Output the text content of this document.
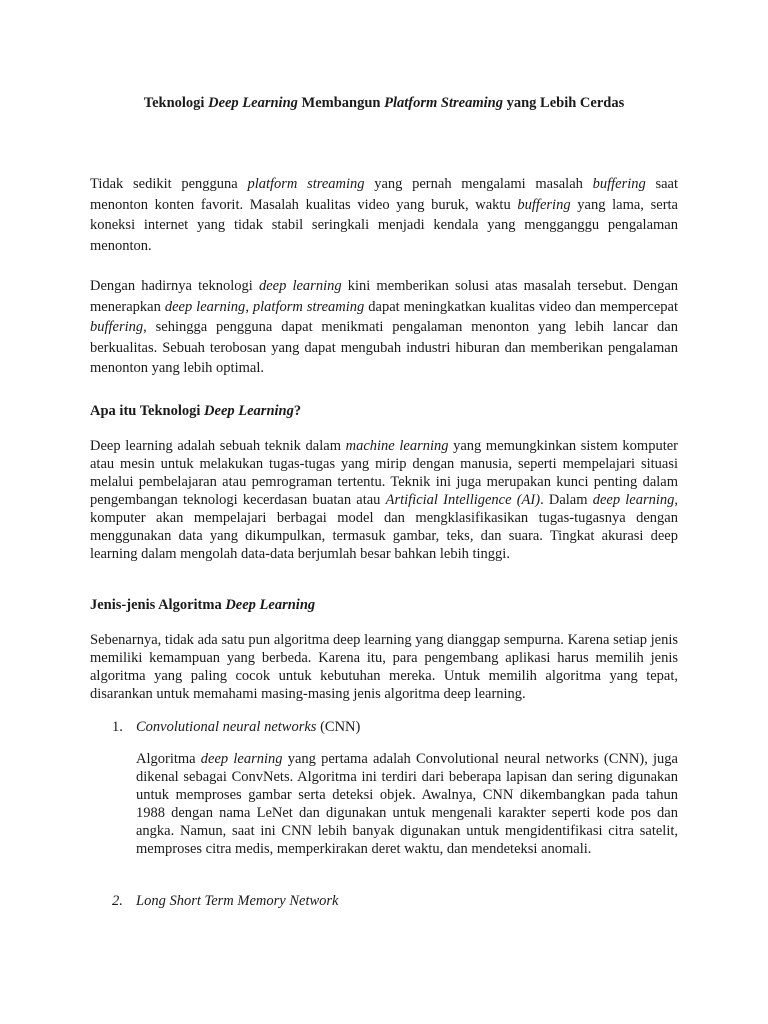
Teknologi Deep Learning Membangun Platform Streaming yang Lebih Cerdas

Tidak sedikit pengguna platform streaming yang pernah mengalami masalah buffering saat menonton konten favorit. Masalah kualitas video yang buruk, waktu buffering yang lama, serta koneksi internet yang tidak stabil seringkali menjadi kendala yang mengganggu pengalaman menonton.

Dengan hadirnya teknologi deep learning kini memberikan solusi atas masalah tersebut. Dengan menerapkan deep learning, platform streaming dapat meningkatkan kualitas video dan mempercepat buffering, sehingga pengguna dapat menikmati pengalaman menonton yang lebih lancar dan berkualitas. Sebuah terobosan yang dapat mengubah industri hiburan dan memberikan pengalaman menonton yang lebih optimal.

Apa itu Teknologi Deep Learning?

Deep learning adalah sebuah teknik dalam machine learning yang memungkinkan sistem komputer atau mesin untuk melakukan tugas-tugas yang mirip dengan manusia, seperti mempelajari situasi melalui pembelajaran atau pemrograman tertentu. Teknik ini juga merupakan kunci penting dalam pengembangan teknologi kecerdasan buatan atau Artificial Intelligence (AI). Dalam deep learning, komputer akan mempelajari berbagai model dan mengklasifikasikan tugas-tugasnya dengan menggunakan data yang dikumpulkan, termasuk gambar, teks, dan suara. Tingkat akurasi deep learning dalam mengolah data-data berjumlah besar bahkan lebih tinggi.

Jenis-jenis Algoritma Deep Learning

Sebenarnya, tidak ada satu pun algoritma deep learning yang dianggap sempurna. Karena setiap jenis memiliki kemampuan yang berbeda. Karena itu, para pengembang aplikasi harus memilih jenis algoritma yang paling cocok untuk kebutuhan mereka. Untuk memilih algoritma yang tepat, disarankan untuk memahami masing-masing jenis algoritma deep learning.

1. Convolutional neural networks (CNN)

Algoritma deep learning yang pertama adalah Convolutional neural networks (CNN), juga dikenal sebagai ConvNets. Algoritma ini terdiri dari beberapa lapisan dan sering digunakan untuk memproses gambar serta deteksi objek. Awalnya, CNN dikembangkan pada tahun 1988 dengan nama LeNet dan digunakan untuk mengenali karakter seperti kode pos dan angka. Namun, saat ini CNN lebih banyak digunakan untuk mengidentifikasi citra satelit, memproses citra medis, memperkirakan deret waktu, dan mendeteksi anomali.

2. Long Short Term Memory Network
